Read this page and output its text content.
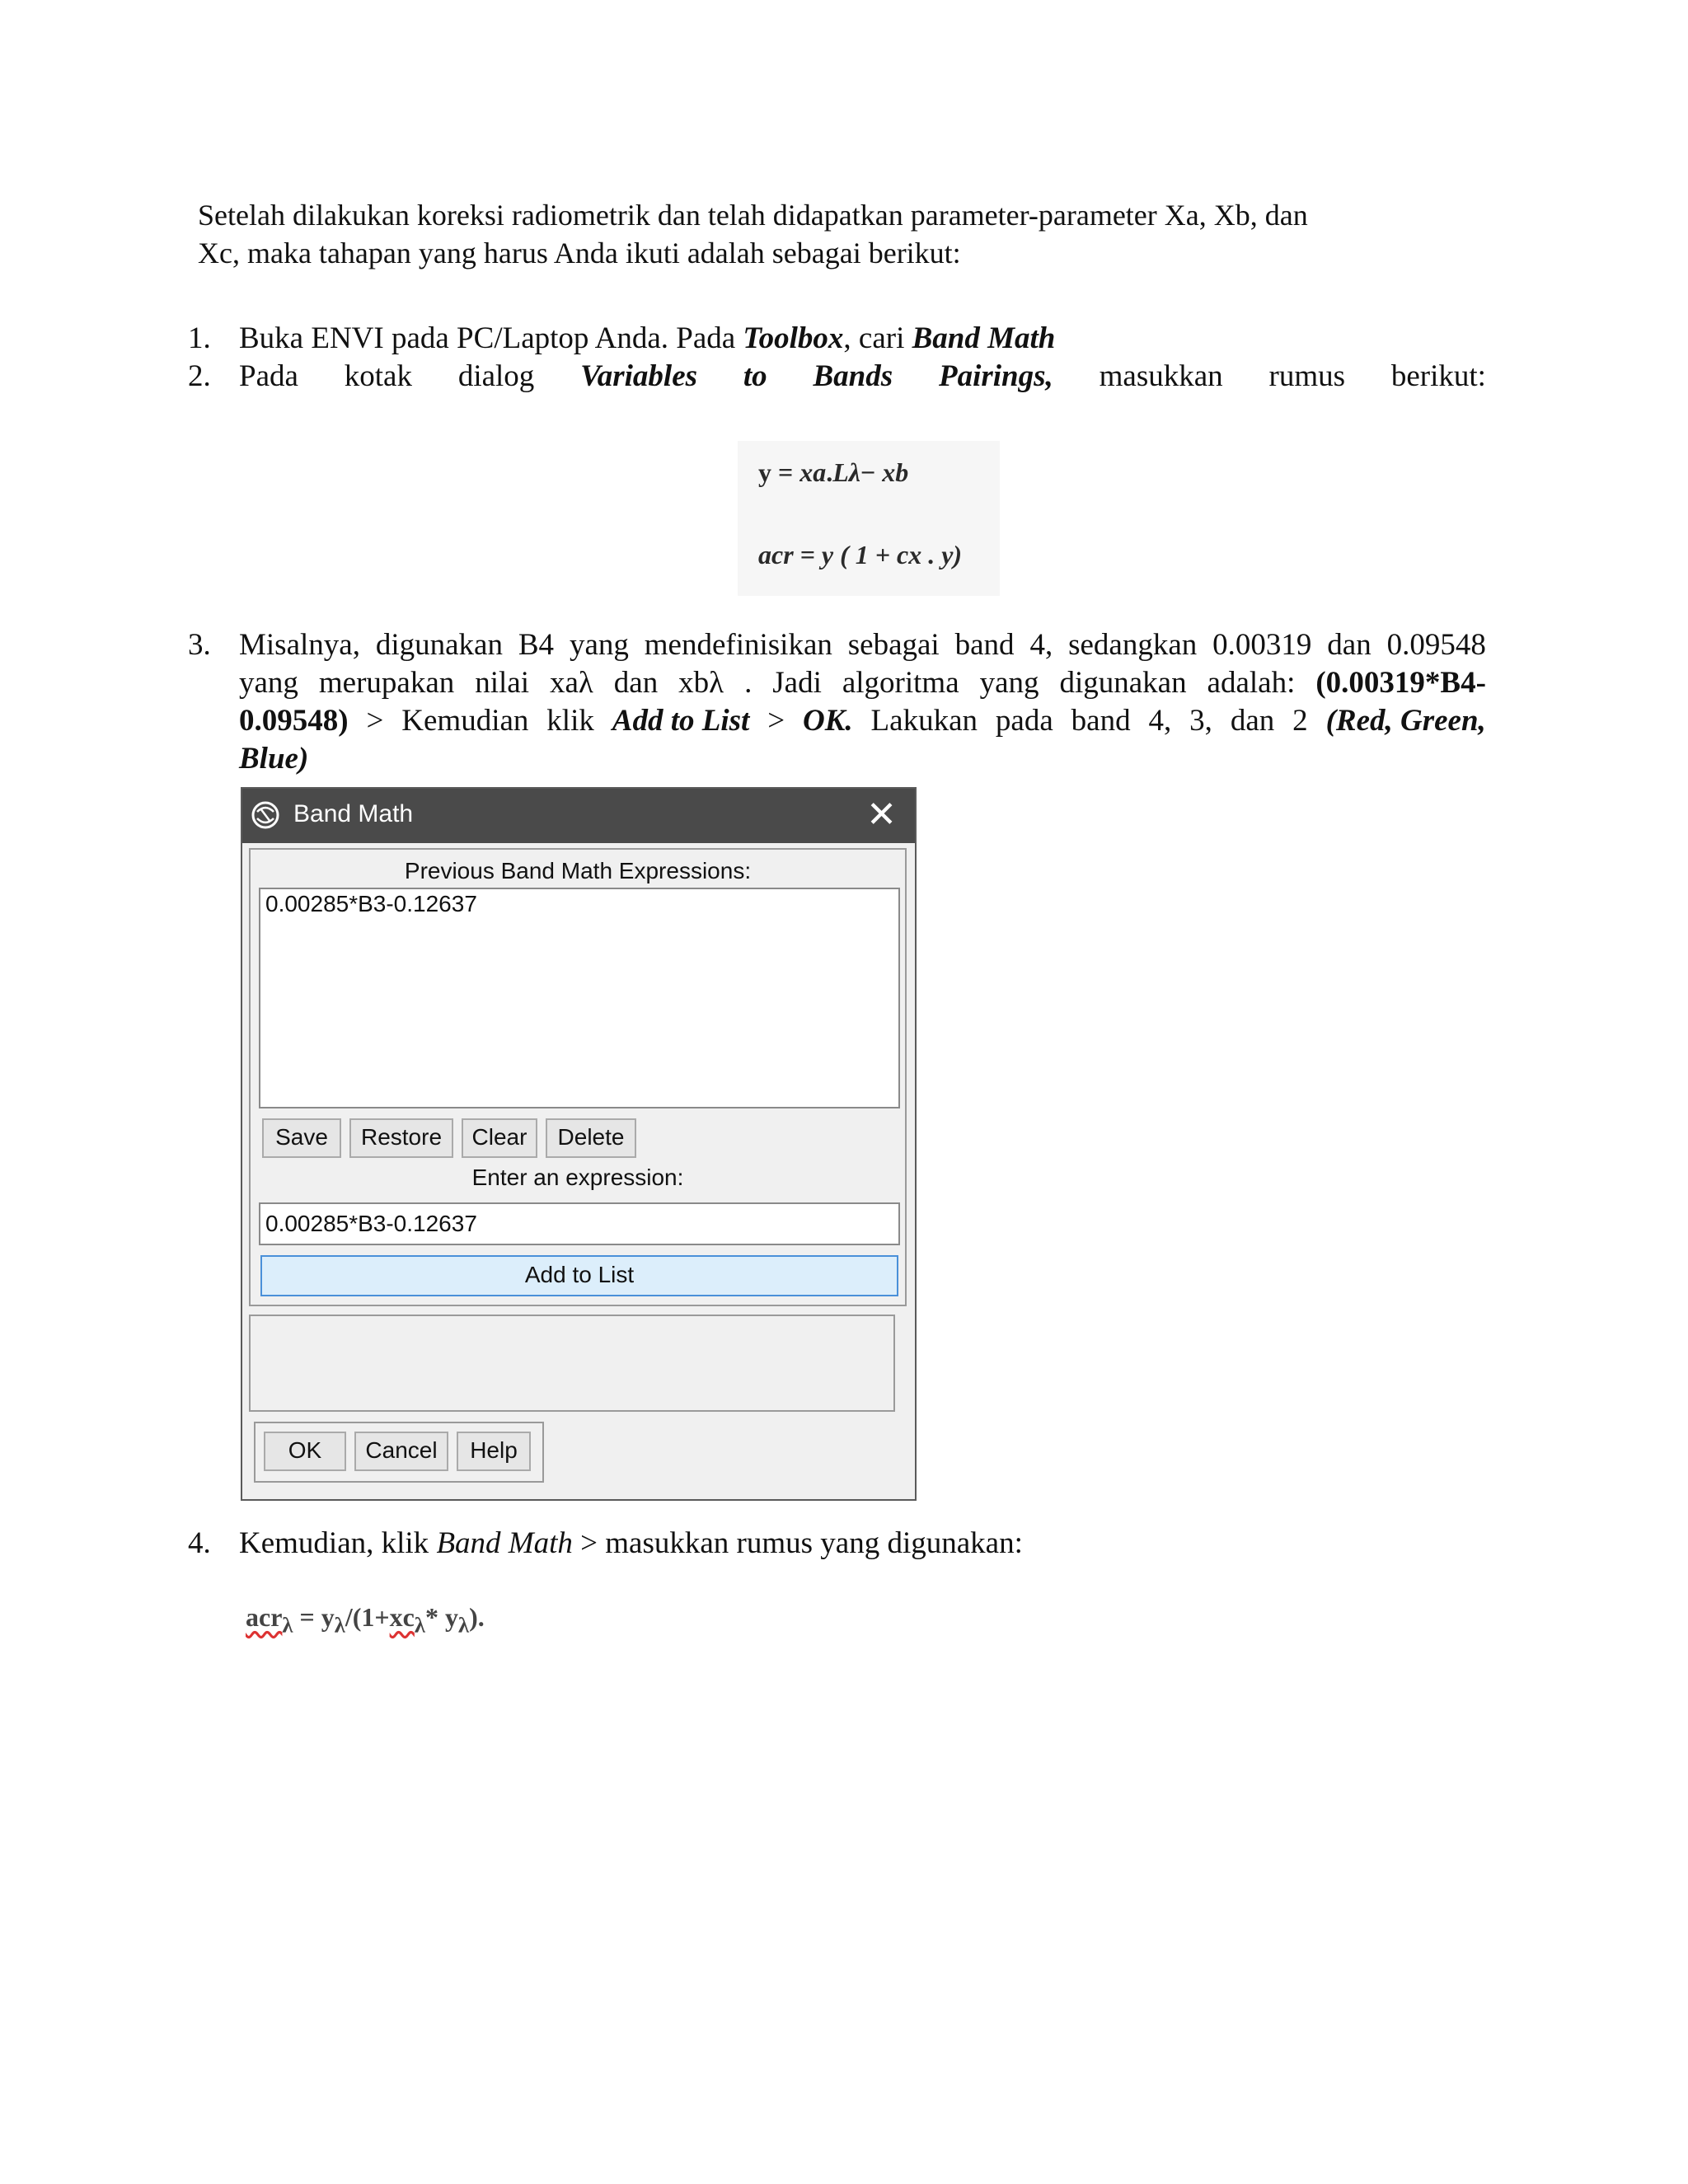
Setelah dilakukan koreksi radiometrik dan telah didapatkan parameter-parameter Xa, Xb, dan
Xc, maka tahapan yang harus Anda ikuti adalah sebagai berikut:
1. Buka ENVI pada PC/Laptop Anda. Pada Toolbox, cari Band Math
2. Pada kotak dialog Variables to Bands Pairings, masukkan rumus berikut:
y = xa.Lλ− xb
acr = y ( 1 + cx . y)
3. Misalnya, digunakan B4 yang mendefinisikan sebagai band 4, sedangkan 0.00319 dan 0.09548
yang merupakan nilai xaλ dan xbλ . Jadi algoritma yang digunakan adalah: (0.00319*B4-
0.09548) > Kemudian klik Add to List > OK. Lakukan pada band 4, 3, dan 2 (Red, Green,
Blue)
Band Math	✕
Previous Band Math Expressions:
0.00285*B3-0.12637
Save	Restore	Clear	Delete
Enter an expression:
0.00285*B3-0.12637
Add to List
OK	Cancel	Help
4. Kemudian, klik Band Math > masukkan rumus yang digunakan:
$acr_\lambda = y_\lambda/(1+xc_\lambda*$ $y_\lambda$).
